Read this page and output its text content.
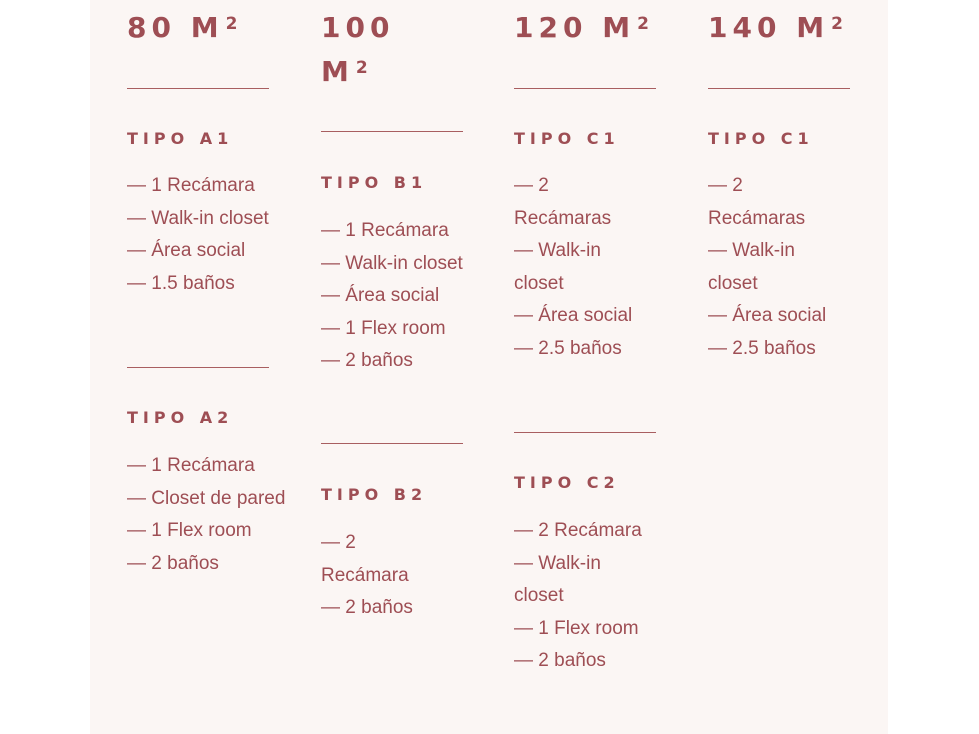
80 M $^2$
TIPO A1
— 1 Recámara
— Walk-in closet
— Área social
— 1.5 baños
TIPO A2
— 1 Recámara
— Closet de pared
— 1 Flex room
— 2 baños
100 M $^2$
TIPO B1
— 1 Recámara
— Walk-in closet
— Área social
— 1 Flex room
— 2 baños
TIPO B2
— 2 Recámara
— 2 baños
120 M $^2$
TIPO C1
— 2 Recámaras
— Walk-in closet
— Área social
— 2.5 baños
TIPO C2
— 2 Recámara
— Walk-in closet
— 1 Flex room
— 2 baños
140 M $^2$
TIPO C1
— 2 Recámaras
— Walk-in closet
— Área social
— 2.5 baños
